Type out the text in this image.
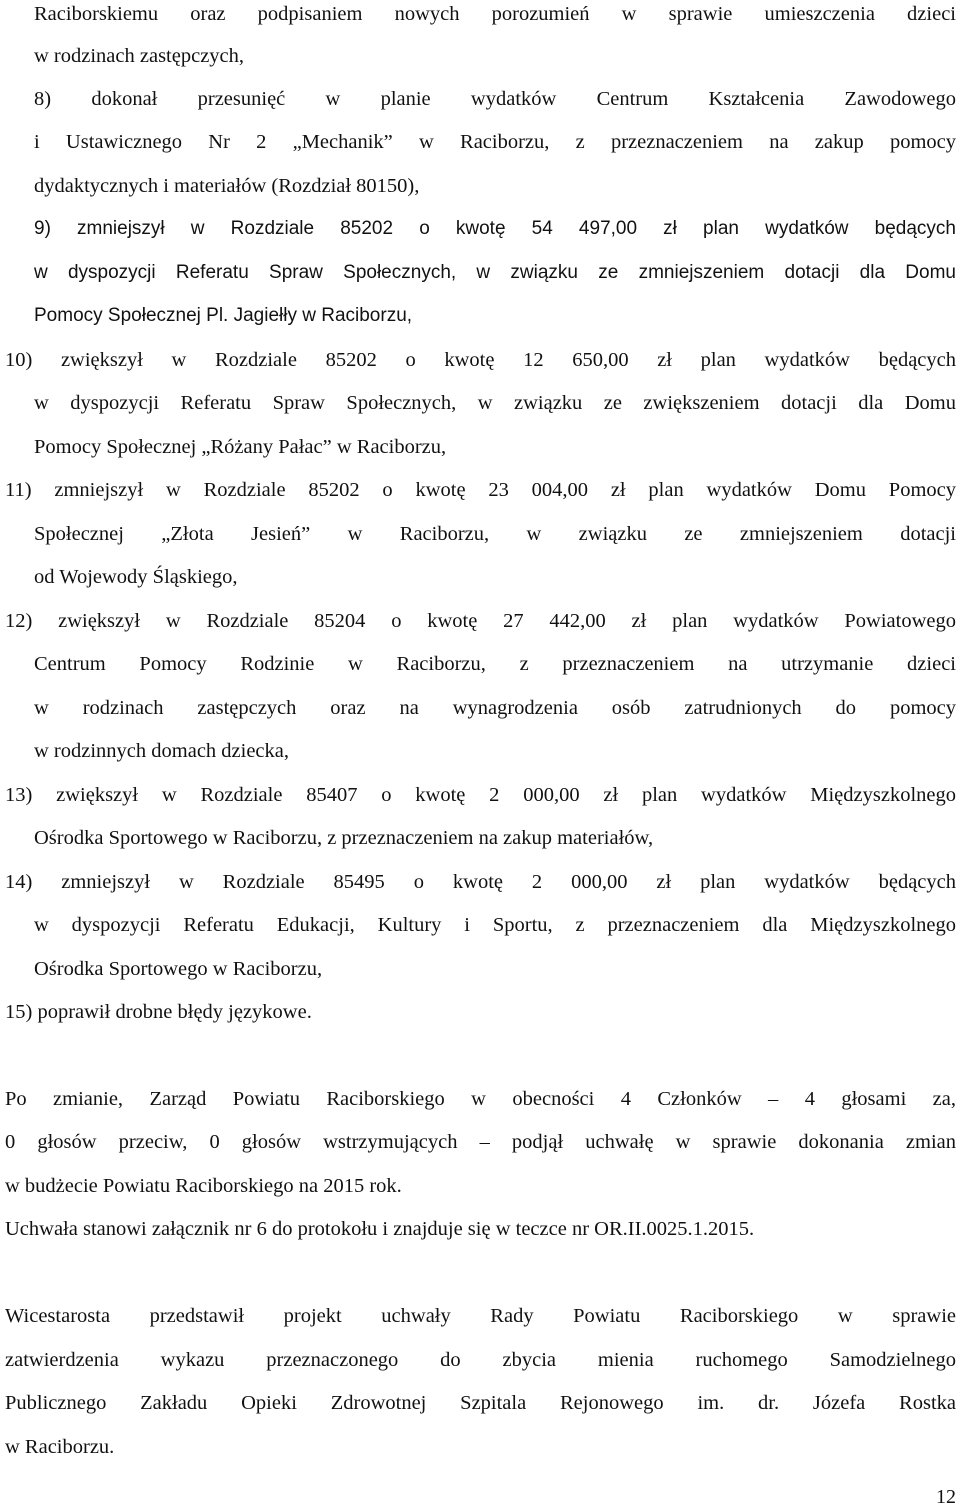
Raciborskiemu oraz podpisaniem nowych porozumień w sprawie umieszczenia dzieci
w rodzinach zastępczych,
8) dokonał przesunięć w planie wydatków Centrum Kształcenia Zawodowego
i Ustawicznego Nr 2 „Mechanik” w Raciborzu, z przeznaczeniem na zakup pomocy
dydaktycznych i materiałów (Rozdział 80150),
9) zmniejszył w Rozdziale 85202 o kwotę 54 497,00 zł plan wydatków będących
w dyspozycji Referatu Spraw Społecznych, w związku ze zmniejszeniem dotacji dla Domu
Pomocy Społecznej Pl. Jagiełły w Raciborzu,
10) zwiększył w Rozdziale 85202 o kwotę 12 650,00 zł plan wydatków będących
w dyspozycji Referatu Spraw Społecznych, w związku ze zwiększeniem dotacji dla Domu
Pomocy Społecznej „Różany Pałac” w Raciborzu,
11) zmniejszył w Rozdziale 85202 o kwotę 23 004,00 zł plan wydatków Domu Pomocy
Społecznej „Złota Jesień” w Raciborzu, w związku ze zmniejszeniem dotacji
od Wojewody Śląskiego,
12) zwiększył w Rozdziale 85204 o kwotę 27 442,00 zł plan wydatków Powiatowego
Centrum Pomocy Rodzinie w Raciborzu, z przeznaczeniem na utrzymanie dzieci
w rodzinach zastępczych oraz na wynagrodzenia osób zatrudnionych do pomocy
w rodzinnych domach dziecka,
13) zwiększył w Rozdziale 85407 o kwotę 2 000,00 zł plan wydatków Międzyszkolnego
Ośrodka Sportowego w Raciborzu, z przeznaczeniem na zakup materiałów,
14) zmniejszył w Rozdziale 85495 o kwotę 2 000,00 zł plan wydatków będących
w dyspozycji Referatu Edukacji, Kultury i Sportu, z przeznaczeniem dla Międzyszkolnego
Ośrodka Sportowego w Raciborzu,
15) poprawił drobne błędy językowe.
Po zmianie, Zarząd Powiatu Raciborskiego w obecności 4 Członków – 4 głosami za,
0 głosów przeciw, 0 głosów wstrzymujących – podjął uchwałę w sprawie dokonania zmian
w budżecie Powiatu Raciborskiego na 2015 rok.
Uchwała stanowi załącznik nr 6 do protokołu i znajduje się w teczce nr OR.II.0025.1.2015.
Wicestarosta przedstawił projekt uchwały Rady Powiatu Raciborskiego w sprawie
zatwierdzenia wykazu przeznaczonego do zbycia mienia ruchomego Samodzielnego
Publicznego Zakładu Opieki Zdrowotnej Szpitala Rejonowego im. dr. Józefa Rostka
w Raciborzu.
12
